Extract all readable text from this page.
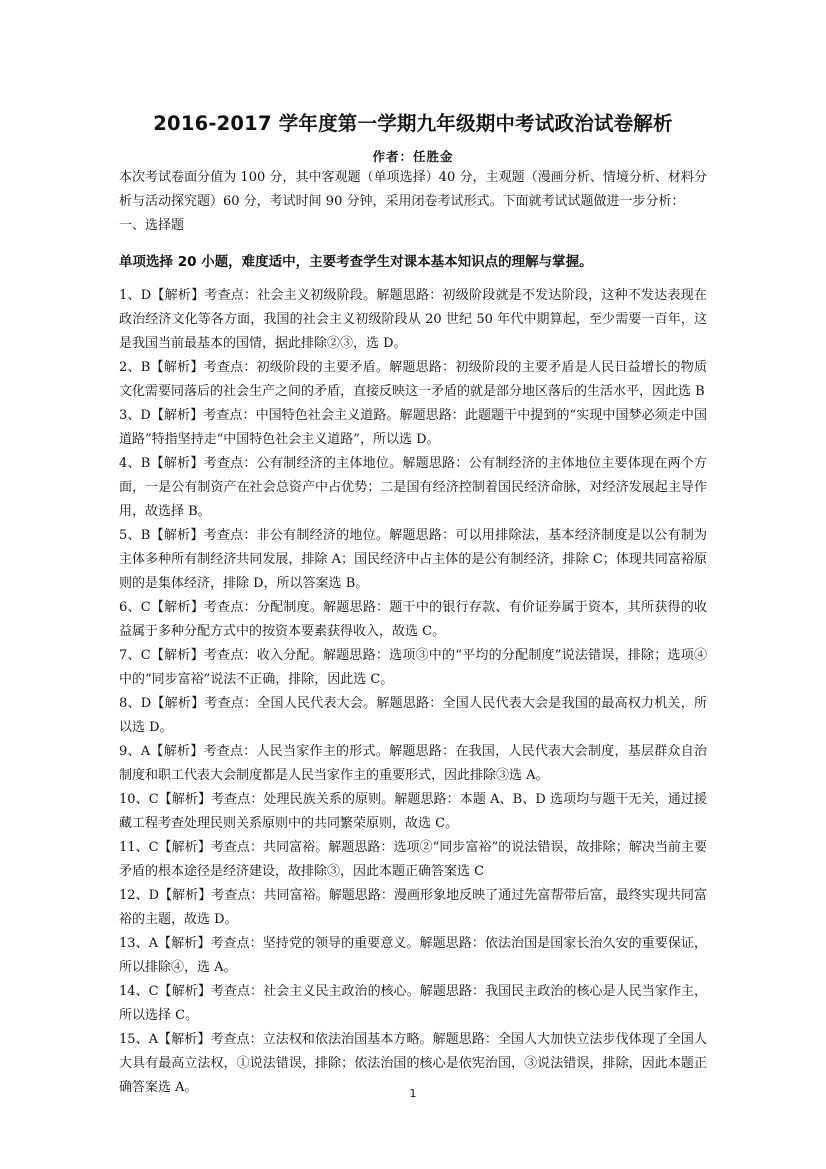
2016-2017 学年度第一学期九年级期中考试政治试卷解析
作者：任胜金

本次考试卷面分值为 100 分，其中客观题（单项选择）40 分，主观题（漫画分析、情境分析、材料分析与活动探究题）60 分，考试时间 90 分钟，采用闭卷考试形式。下面就考试试题做进一步分析：

一、选择题

单项选择 20 小题，难度适中，主要考查学生对课本基本知识点的理解与掌握。

1、D【解析】考查点：社会主义初级阶段。解题思路：初级阶段就是不发达阶段，这种不发达表现在政治经济文化等各方面，我国的社会主义初级阶段从 20 世纪 50 年代中期算起，至少需要一百年，这是我国当前最基本的国情，据此排除②③，选 D。

2、B【解析】考查点：初级阶段的主要矛盾。解题思路：初级阶段的主要矛盾是人民日益增长的物质文化需要同落后的社会生产之间的矛盾，直接反映这一矛盾的就是部分地区落后的生活水平，因此选 B

3、D【解析】考查点：中国特色社会主义道路。解题思路：此题题干中提到的“实现中国梦必须走中国道路”特指坚持走“中国特色社会主义道路”，所以选 D。

4、B【解析】考查点：公有制经济的主体地位。解题思路：公有制经济的主体地位主要体现在两个方面，一是公有制资产在社会总资产中占优势；二是国有经济控制着国民经济命脉，对经济发展起主导作用，故选择 B。

5、B【解析】考查点：非公有制经济的地位。解题思路：可以用排除法，基本经济制度是以公有制为主体多种所有制经济共同发展，排除 A；国民经济中占主体的是公有制经济，排除 C；体现共同富裕原则的是集体经济，排除 D，所以答案选 B。

6、C【解析】考查点：分配制度。解题思路：题干中的银行存款、有价证券属于资本，其所获得的收益属于多种分配方式中的按资本要素获得收入，故选 C。

7、C【解析】考查点：收入分配。解题思路：选项③中的“平均的分配制度”说法错误，排除；选项④中的“同步富裕”说法不正确，排除，因此选 C。

8、D【解析】考查点：全国人民代表大会。解题思路：全国人民代表大会是我国的最高权力机关，所以选 D。

9、A【解析】考查点：人民当家作主的形式。解题思路：在我国，人民代表大会制度，基层群众自治制度和职工代表大会制度都是人民当家作主的重要形式，因此排除③选 A。

10、C【解析】考查点：处理民族关系的原则。解题思路：本题 A、B、D 选项均与题干无关，通过援藏工程考查处理民则关系原则中的共同繁荣原则，故选 C。

11、C【解析】考查点：共同富裕。解题思路：选项②“同步富裕”的说法错误，故排除；解决当前主要矛盾的根本途径是经济建设，故排除③，因此本题正确答案选 C

12、D【解析】考查点：共同富裕。解题思路：漫画形象地反映了通过先富帮带后富，最终实现共同富裕的主题，故选 D。

13、A【解析】考查点：坚持党的领导的重要意义。解题思路：依法治国是国家长治久安的重要保证，所以排除④，选 A。

14、C【解析】考查点：社会主义民主政治的核心。解题思路：我国民主政治的核心是人民当家作主，所以选择 C。

15、A【解析】考查点：立法权和依法治国基本方略。解题思路：全国人大加快立法步伐体现了全国人大具有最高立法权，①说法错误，排除；依法治国的核心是依宪治国，③说法错误，排除，因此本题正确答案选 A。	1
